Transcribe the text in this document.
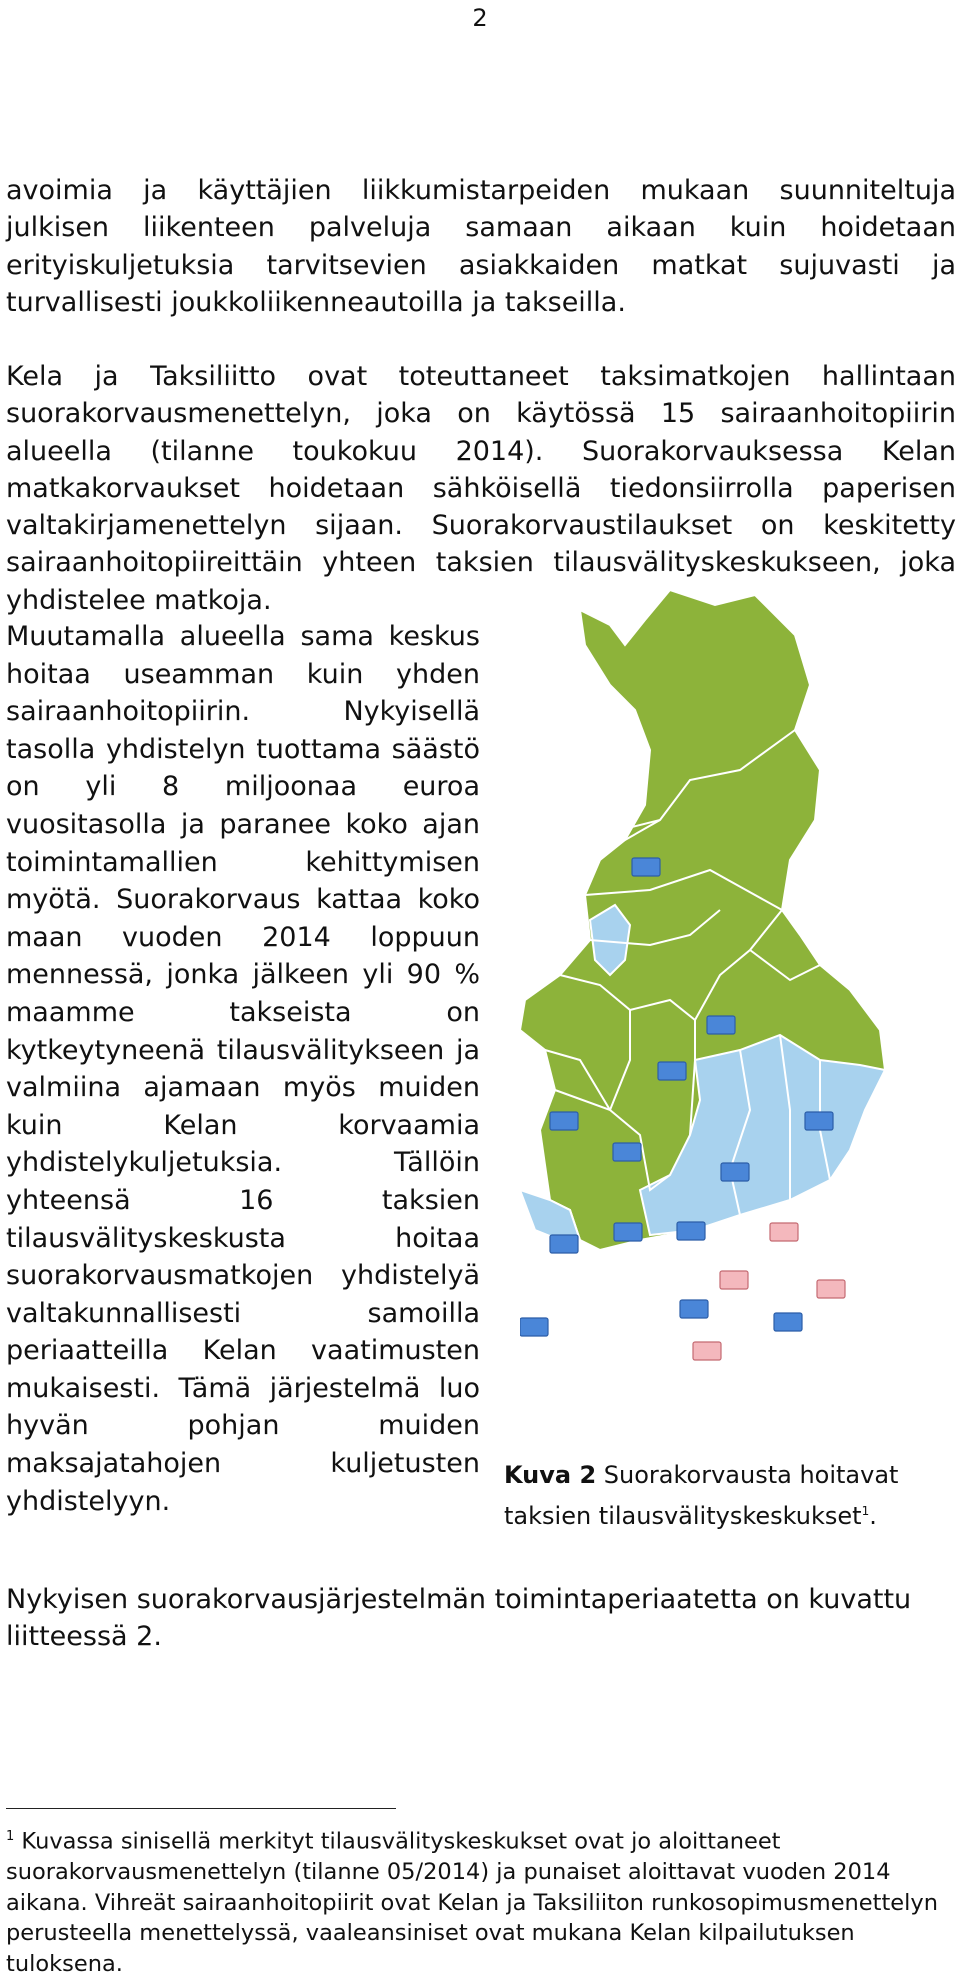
2

avoimia ja käyttäjien liikkumistarpeiden mukaan suunniteltuja julkisen liikenteen palveluja samaan aikaan kuin hoidetaan erityiskuljetuksia tarvitsevien asiakkaiden matkat sujuvasti ja turvallisesti joukkoliikenneautoilla ja takseilla.

Kela ja Taksiliitto ovat toteuttaneet taksimatkojen hallintaan suorakorvausmenettelyn, joka on käytössä 15 sairaanhoitopiirin alueella (tilanne toukokuu 2014). Suorakorvauksessa Kelan matkakorvaukset hoidetaan sähköisellä tiedonsiirrolla paperisen valtakirjamenettelyn sijaan. Suorakorvaustilaukset on keskitetty sairaanhoitopiireittäin yhteen taksien tilausvälityskeskukseen, joka yhdistelee matkoja.

Muutamalla alueella sama keskus hoitaa useamman kuin yhden sairaanhoitopiirin. Nykyisellä tasolla yhdistelyn tuottama säästö on yli 8 miljoonaa euroa vuositasolla ja paranee koko ajan toimintamallien kehittymisen myötä. Suorakorvaus kattaa koko maan vuoden 2014 loppuun mennessä, jonka jälkeen yli 90 % maamme takseista on kytkeytyneenä tilausvälitykseen ja valmiina ajamaan myös muiden kuin Kelan korvaamia yhdistelykuljetuksia. Tällöin yhteensä 16 taksien tilausvälityskeskusta hoitaa suorakorvausmatkojen yhdistelyä valtakunnallisesti samoilla periaatteilla Kelan vaatimusten mukaisesti. Tämä järjestelmä luo hyvän pohjan muiden maksajatahojen kuljetusten yhdistelyyn.

Kuva 2 Suorakorvausta hoitavat taksien tilausvälityskeskukset$^1$.

Nykyisen suorakorvausjärjestelmän toimintaperiaatetta on kuvattu liitteessä 2.

$^1$ Kuvassa sinisellä merkityt tilausvälityskeskukset ovat jo aloittaneet suorakorvausmenettelyn (tilanne 05/2014) ja punaiset aloittavat vuoden 2014 aikana. Vihreät sairaanhoitopiirit ovat Kelan ja Taksiliiton runkosopimusmenettelyn perusteella menettelyssä, vaaleansiniset ovat mukana Kelan kilpailutuksen tuloksena.
